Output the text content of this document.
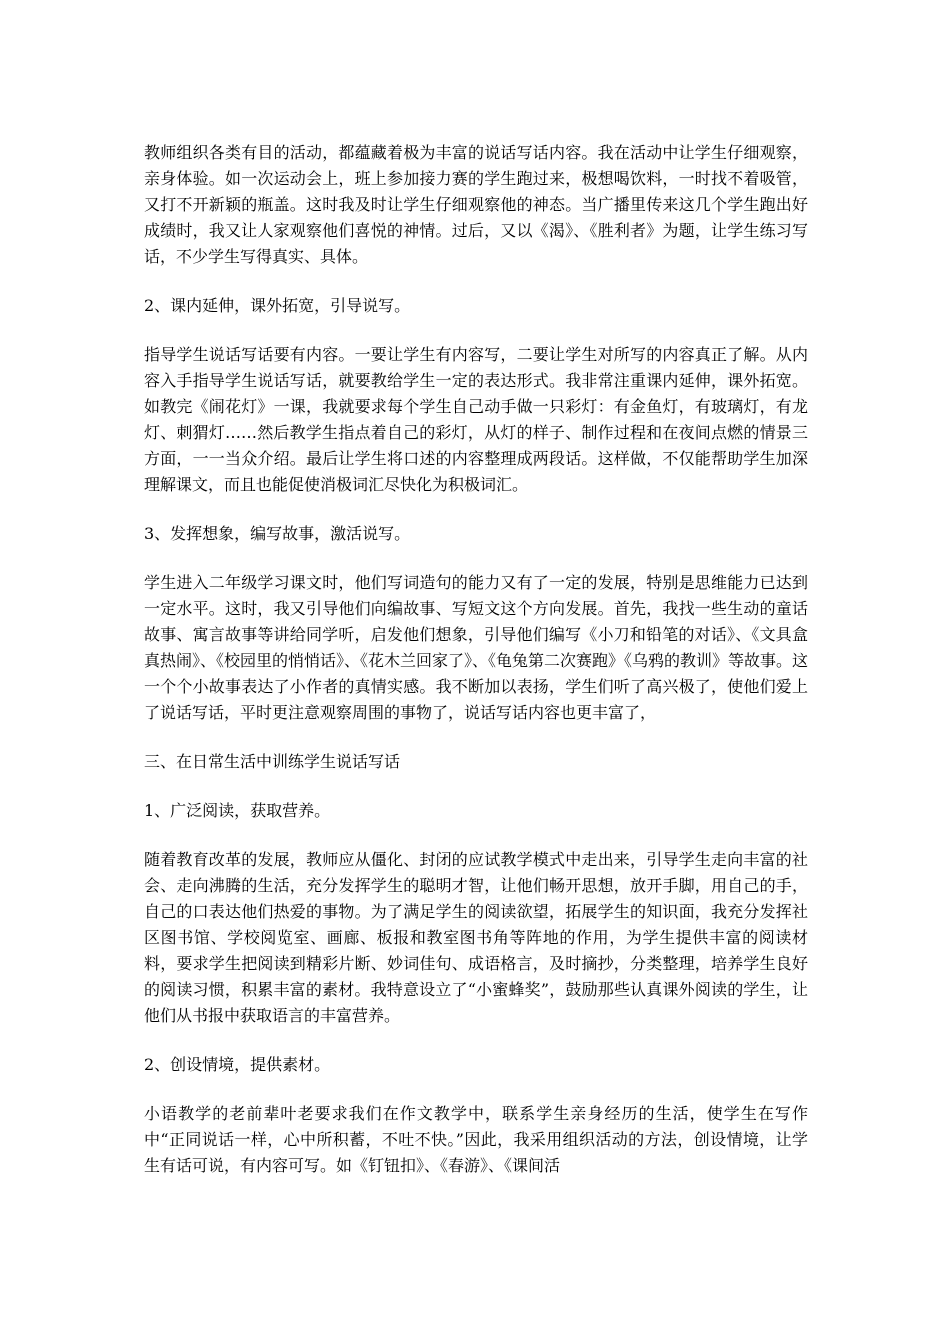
教师组织各类有目的活动，都蕴藏着极为丰富的说话写话内容。我在活动中让学生仔细观察，亲身体验。如一次运动会上，班上参加接力赛的学生跑过来，极想喝饮料，一时找不着吸管，又打不开新颖的瓶盖。这时我及时让学生仔细观察他的神态。当广播里传来这几个学生跑出好成绩时，我又让人家观察他们喜悦的神情。过后，又以《渴》、《胜利者》为题，让学生练习写话，不少学生写得真实、具体。

2、课内延伸，课外拓宽，引导说写。

指导学生说话写话要有内容。一要让学生有内容写，二要让学生对所写的内容真正了解。从内容入手指导学生说话写话，就要教给学生一定的表达形式。我非常注重课内延伸，课外拓宽。如教完《闹花灯》一课，我就要求每个学生自己动手做一只彩灯：有金鱼灯，有玻璃灯，有龙灯、刺猬灯……然后教学生指点着自己的彩灯，从灯的样子、制作过程和在夜间点燃的情景三方面，一一当众介绍。最后让学生将口述的内容整理成两段话。这样做，不仅能帮助学生加深理解课文，而且也能促使消极词汇尽快化为积极词汇。

3、发挥想象，编写故事，激活说写。

学生进入二年级学习课文时，他们写词造句的能力又有了一定的发展，特别是思维能力已达到一定水平。这时，我又引导他们向编故事、写短文这个方向发展。首先，我找一些生动的童话故事、寓言故事等讲给同学听，启发他们想象，引导他们编写《小刀和铅笔的对话》、《文具盒真热闹》、《校园里的悄悄话》、《花木兰回家了》、《龟兔第二次赛跑》《乌鸦的教训》等故事。这一个个小故事表达了小作者的真情实感。我不断加以表扬，学生们听了高兴极了，使他们爱上了说话写话，平时更注意观察周围的事物了，说话写话内容也更丰富了，

三、在日常生活中训练学生说话写话

1、广泛阅读，获取营养。

随着教育改革的发展，教师应从僵化、封闭的应试教学模式中走出来，引导学生走向丰富的社会、走向沸腾的生活，充分发挥学生的聪明才智，让他们畅开思想，放开手脚，用自己的手，自己的口表达他们热爱的事物。为了满足学生的阅读欲望，拓展学生的知识面，我充分发挥社区图书馆、学校阅览室、画廊、板报和教室图书角等阵地的作用，为学生提供丰富的阅读材料，要求学生把阅读到精彩片断、妙词佳句、成语格言，及时摘抄，分类整理，培养学生良好的阅读习惯，积累丰富的素材。我特意设立了“小蜜蜂奖”，鼓励那些认真课外阅读的学生，让他们从书报中获取语言的丰富营养。

2、创设情境，提供素材。

小语教学的老前辈叶老要求我们在作文教学中，联系学生亲身经历的生活，使学生在写作中“正同说话一样，心中所积蓄，不吐不快。”因此，我采用组织活动的方法，创设情境，让学生有话可说，有内容可写。如《钉钮扣》、《春游》、《课间活
